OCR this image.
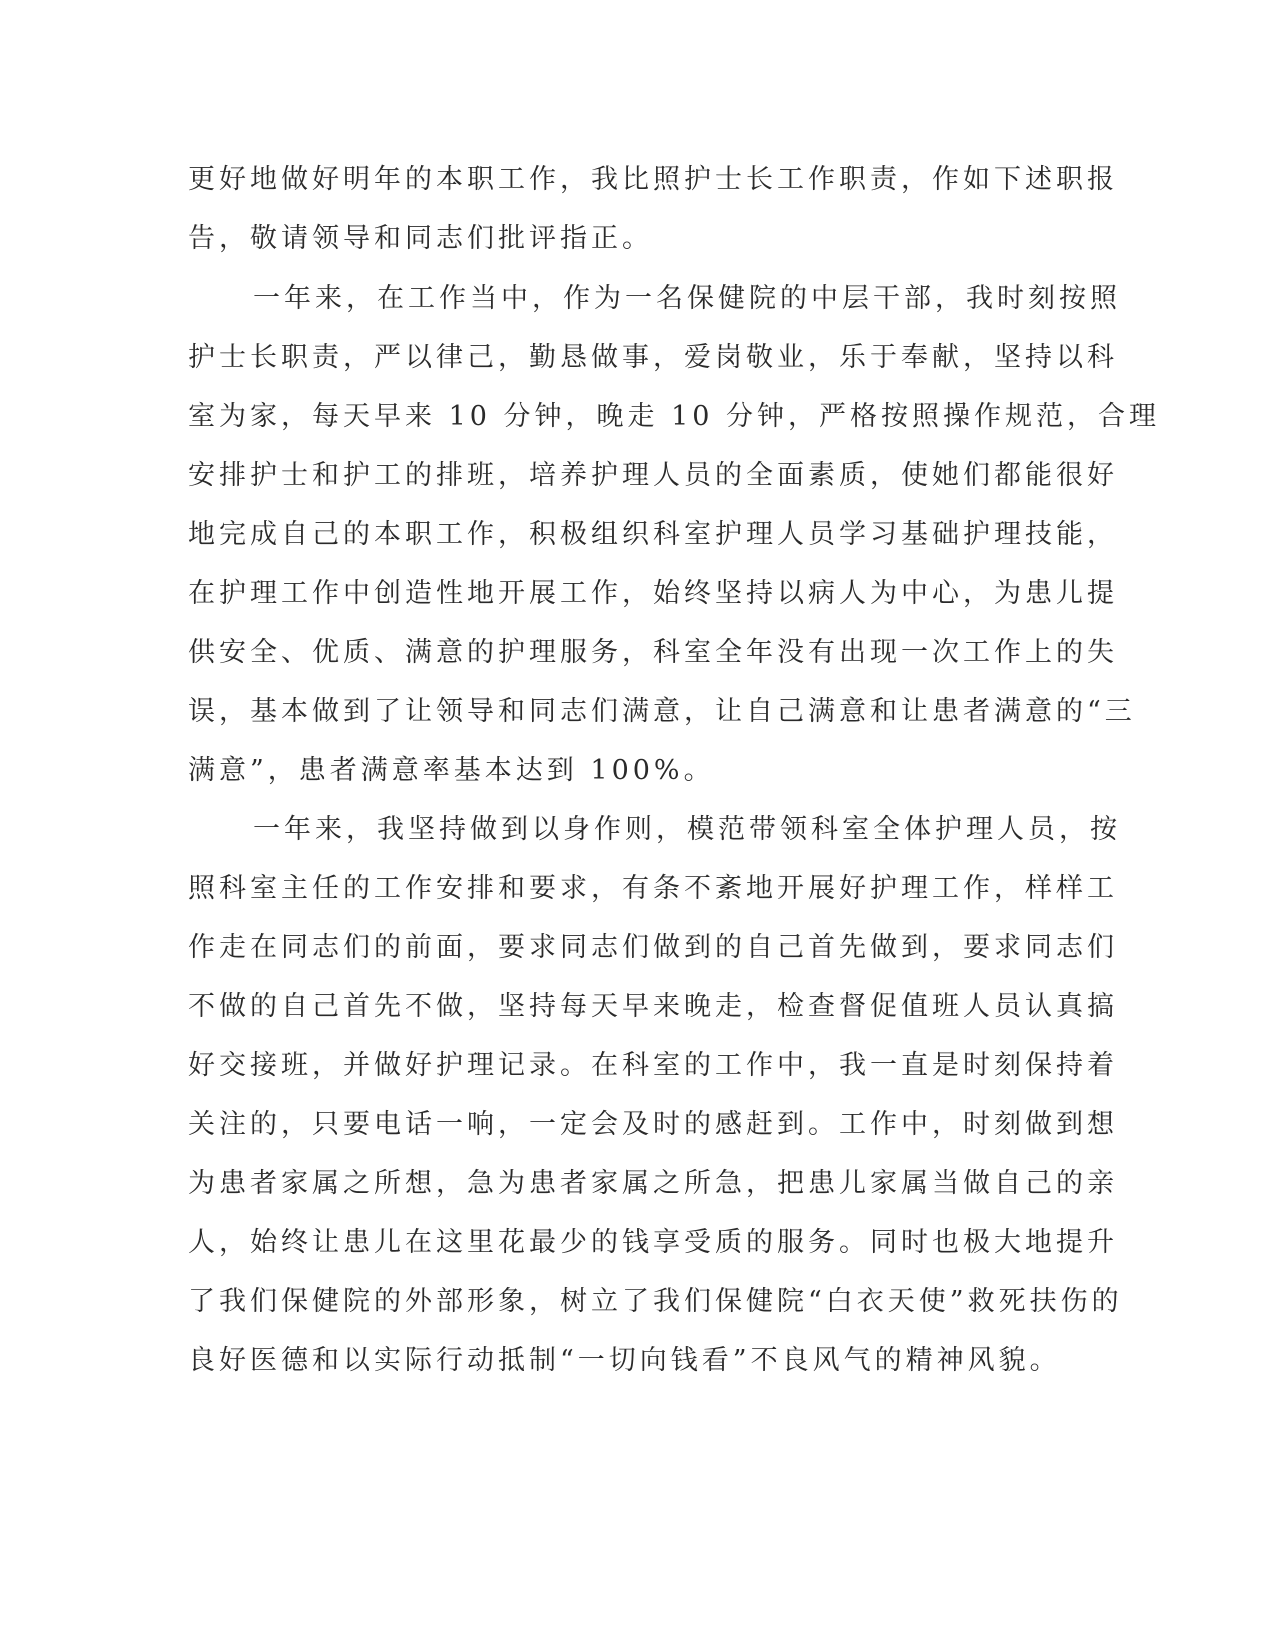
更好地做好明年的本职工作，我比照护士长工作职责，作如下述职报
告，敬请领导和同志们批评指正。
一年来，在工作当中，作为一名保健院的中层干部，我时刻按照
护士长职责，严以律己，勤恳做事，爱岗敬业，乐于奉献，坚持以科
室为家，每天早来 10 分钟，晚走 10 分钟，严格按照操作规范，合理
安排护士和护工的排班，培养护理人员的全面素质，使她们都能很好
地完成自己的本职工作，积极组织科室护理人员学习基础护理技能，
在护理工作中创造性地开展工作，始终坚持以病人为中心，为患儿提
供安全、优质、满意的护理服务，科室全年没有出现一次工作上的失
误，基本做到了让领导和同志们满意，让自己满意和让患者满意的“三
满意”，患者满意率基本达到 100%。
一年来，我坚持做到以身作则，模范带领科室全体护理人员，按
照科室主任的工作安排和要求，有条不紊地开展好护理工作，样样工
作走在同志们的前面，要求同志们做到的自己首先做到，要求同志们
不做的自己首先不做，坚持每天早来晚走，检查督促值班人员认真搞
好交接班，并做好护理记录。在科室的工作中，我一直是时刻保持着
关注的，只要电话一响，一定会及时的感赶到。工作中，时刻做到想
为患者家属之所想，急为患者家属之所急，把患儿家属当做自己的亲
人，始终让患儿在这里花最少的钱享受质的服务。同时也极大地提升
了我们保健院的外部形象，树立了我们保健院“白衣天使”救死扶伤的
良好医德和以实际行动抵制“一切向钱看”不良风气的精神风貌。
